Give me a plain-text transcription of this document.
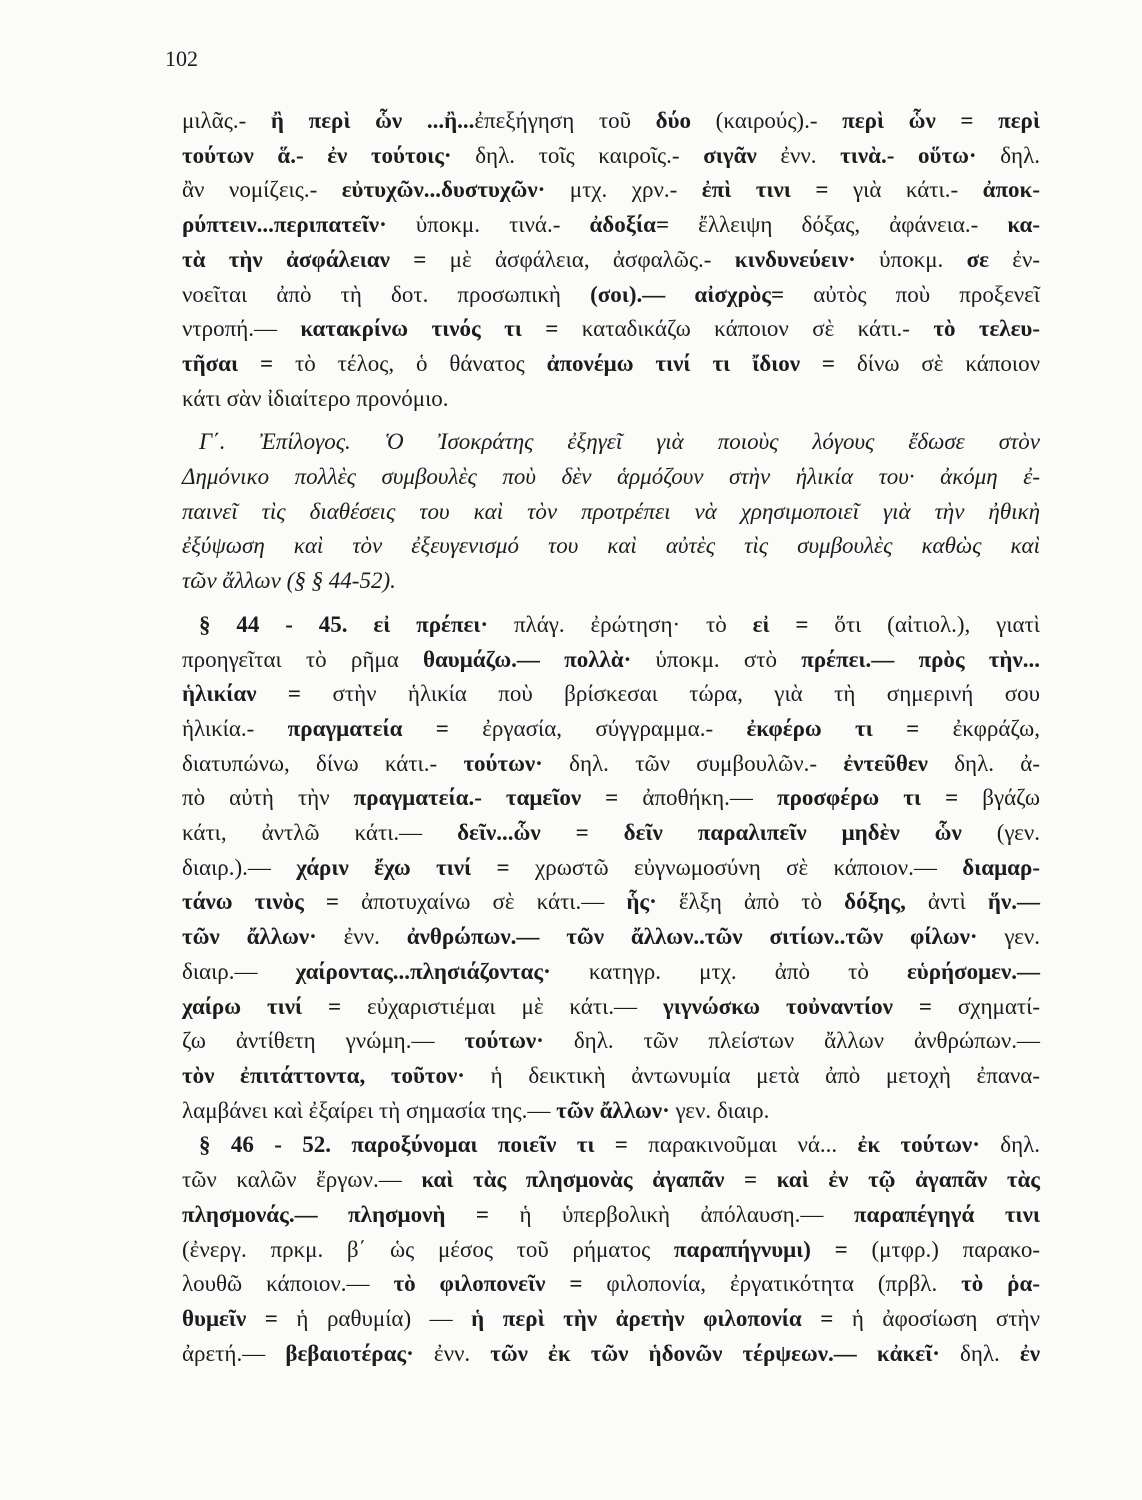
102
μιλᾶς.- ἢ περὶ ὧν ...ἢ...ἐπεξήγηση τοῦ δύο (καιρούς).- περὶ ὧν = περὶ
τούτων ἅ.- ἐν τούτοις· δηλ. τοῖς καιροῖς.- σιγᾶν ἐνν. τινὰ.- οὕτω· δηλ.
ἂν νομίζεις.- εὐτυχῶν...δυστυχῶν· μτχ. χρν.- ἐπὶ τινι = γιὰ κάτι.- ἀποκ-
ρύπτειν...περιπατεῖν· ὑποκμ. τινά.- ἀδοξία= ἔλλειψη δόξας, ἀφάνεια.- κα-
τὰ τὴν ἀσφάλειαν = μὲ ἀσφάλεια, ἀσφαλῶς.- κινδυνεύειν· ὑποκμ. σε ἐν-
νοεῖται ἀπὸ τὴ δοτ. προσωπικὴ (σοι).— αἰσχρὸς= αὐτὸς ποὺ προξενεῖ
ντροπή.— κατακρίνω τινός τι = καταδικάζω κάποιον σὲ κάτι.- τὸ τελευ-
τῆσαι = τὸ τέλος, ὁ θάνατος ἀπονέμω τινί τι ἴδιον = δίνω σὲ κάποιον
κάτι σὰν ἰδιαίτερο προνόμιο.
Γ΄. Ἐπίλογος. Ὁ Ἰσοκράτης ἐξηγεῖ γιὰ ποιοὺς λόγους ἔδωσε στὸν
Δημόνικο πολλὲς συμβουλὲς ποὺ δὲν ἁρμόζουν στὴν ἡλικία του· ἀκόμη ἐ-
παινεῖ τὶς διαθέσεις του καὶ τὸν προτρέπει νὰ χρησιμοποιεῖ γιὰ τὴν ἠθικὴ
ἐξύψωση καὶ τὸν ἐξευγενισμό του καὶ αὐτὲς τὶς συμβουλὲς καθὼς καὶ
τῶν ἄλλων (§ § 44-52).
§ 44 - 45. εἰ πρέπει· πλάγ. ἐρώτηση· τὸ εἰ = ὅτι (αἰτιολ.), γιατὶ
προηγεῖται τὸ ρῆμα θαυμάζω.— πολλὰ· ὑποκμ. στὸ πρέπει.— πρὸς τὴν...
ἡλικίαν = στὴν ἡλικία ποὺ βρίσκεσαι τώρα, γιὰ τὴ σημερινή σου
ἡλικία.- πραγματεία = ἐργασία, σύγγραμμα.- ἐκφέρω τι = ἐκφράζω,
διατυπώνω, δίνω κάτι.- τούτων· δηλ. τῶν συμβουλῶν.- ἐντεῦθεν δηλ. ἀ-
πὸ αὐτὴ τὴν πραγματεία.- ταμεῖον = ἀποθήκη.— προσφέρω τι = βγάζω
κάτι, ἀντλῶ κάτι.— δεῖν...ὧν = δεῖν παραλιπεῖν μηδὲν ὧν (γεν.
διαιρ.).— χάριν ἔχω τινί = χρωστῶ εὐγνωμοσύνη σὲ κάποιον.— διαμαρ-
τάνω τινὸς = ἀποτυχαίνω σὲ κάτι.— ἧς· ἕλξη ἀπὸ τὸ δόξης, ἀντὶ ἥν.—
τῶν ἄλλων· ἐνν. ἀνθρώπων.— τῶν ἄλλων..τῶν σιτίων..τῶν φίλων· γεν.
διαιρ.— χαίροντας...πλησιάζοντας· κατηγρ. μτχ. ἀπὸ τὸ εὑρήσομεν.—
χαίρω τινί = εὐχαριστιέμαι μὲ κάτι.— γιγνώσκω τοὐναντίον = σχηματί-
ζω ἀντίθετη γνώμη.— τούτων· δηλ. τῶν πλείστων ἄλλων ἀνθρώπων.—
τὸν ἐπιτάττοντα, τοῦτον· ἡ δεικτικὴ ἀντωνυμία μετὰ ἀπὸ μετοχὴ ἐπανα-
λαμβάνει καὶ ἐξαίρει τὴ σημασία της.— τῶν ἄλλων· γεν. διαιρ.
§ 46 - 52. παροξύνομαι ποιεῖν τι = παρακινοῦμαι νά... ἐκ τούτων· δηλ.
τῶν καλῶν ἔργων.— καὶ τὰς πλησμονὰς ἀγαπᾶν = καὶ ἐν τῷ ἀγαπᾶν τὰς
πλησμονάς.— πλησμονὴ = ἡ ὑπερβολικὴ ἀπόλαυση.— παραπέγηγά τινι
(ἐνεργ. πρκμ. β΄ ὡς μέσος τοῦ ρήματος παραπήγνυμι) = (μτφρ.) παρακο-
λουθῶ κάποιον.— τὸ φιλοπονεῖν = φιλοπονία, ἐργατικότητα (πρβλ. τὸ ῥα-
θυμεῖν = ἡ ραθυμία) — ἡ περὶ τὴν ἀρετὴν φιλοπονία = ἡ ἀφοσίωση στὴν
ἀρετή.— βεβαιοτέρας· ἐνν. τῶν ἐκ τῶν ἡδονῶν τέρψεων.— κἀκεῖ· δηλ. ἐν
